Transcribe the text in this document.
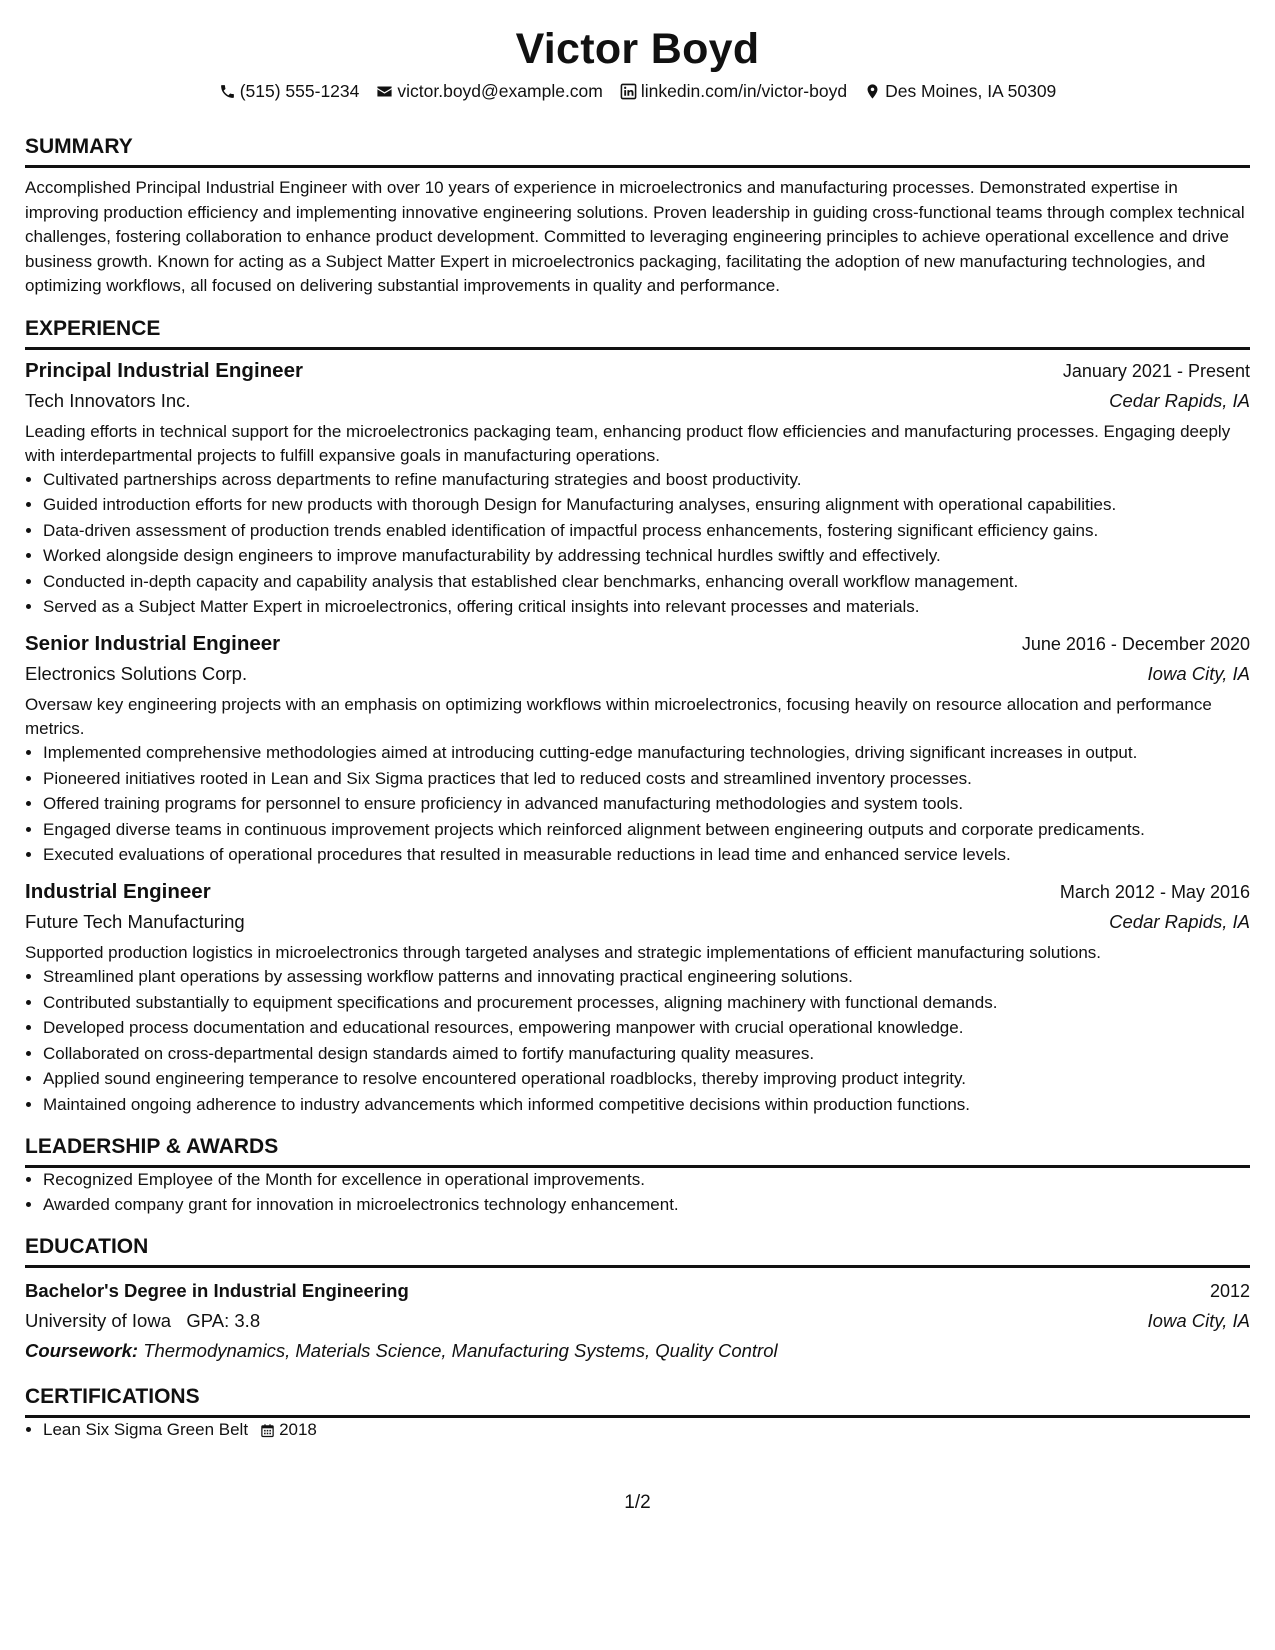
Victor Boyd
(515) 555-1234 victor.boyd@example.com linkedin.com/in/victor-boyd Des Moines, IA 50309
SUMMARY
Accomplished Principal Industrial Engineer with over 10 years of experience in microelectronics and manufacturing processes. Demonstrated expertise in improving production efficiency and implementing innovative engineering solutions. Proven leadership in guiding cross-functional teams through complex technical challenges, fostering collaboration to enhance product development. Committed to leveraging engineering principles to achieve operational excellence and drive business growth. Known for acting as a Subject Matter Expert in microelectronics packaging, facilitating the adoption of new manufacturing technologies, and optimizing workflows, all focused on delivering substantial improvements in quality and performance.
EXPERIENCE
Principal Industrial Engineer	January 2021 - Present
Tech Innovators Inc.	Cedar Rapids, IA
Leading efforts in technical support for the microelectronics packaging team, enhancing product flow efficiencies and manufacturing processes. Engaging deeply with interdepartmental projects to fulfill expansive goals in manufacturing operations.
• Cultivated partnerships across departments to refine manufacturing strategies and boost productivity.
• Guided introduction efforts for new products with thorough Design for Manufacturing analyses, ensuring alignment with operational capabilities.
• Data-driven assessment of production trends enabled identification of impactful process enhancements, fostering significant efficiency gains.
• Worked alongside design engineers to improve manufacturability by addressing technical hurdles swiftly and effectively.
• Conducted in-depth capacity and capability analysis that established clear benchmarks, enhancing overall workflow management.
• Served as a Subject Matter Expert in microelectronics, offering critical insights into relevant processes and materials.
Senior Industrial Engineer	June 2016 - December 2020
Electronics Solutions Corp.	Iowa City, IA
Oversaw key engineering projects with an emphasis on optimizing workflows within microelectronics, focusing heavily on resource allocation and performance metrics.
• Implemented comprehensive methodologies aimed at introducing cutting-edge manufacturing technologies, driving significant increases in output.
• Pioneered initiatives rooted in Lean and Six Sigma practices that led to reduced costs and streamlined inventory processes.
• Offered training programs for personnel to ensure proficiency in advanced manufacturing methodologies and system tools.
• Engaged diverse teams in continuous improvement projects which reinforced alignment between engineering outputs and corporate predicaments.
• Executed evaluations of operational procedures that resulted in measurable reductions in lead time and enhanced service levels.
Industrial Engineer	March 2012 - May 2016
Future Tech Manufacturing	Cedar Rapids, IA
Supported production logistics in microelectronics through targeted analyses and strategic implementations of efficient manufacturing solutions.
• Streamlined plant operations by assessing workflow patterns and innovating practical engineering solutions.
• Contributed substantially to equipment specifications and procurement processes, aligning machinery with functional demands.
• Developed process documentation and educational resources, empowering manpower with crucial operational knowledge.
• Collaborated on cross-departmental design standards aimed to fortify manufacturing quality measures.
• Applied sound engineering temperance to resolve encountered operational roadblocks, thereby improving product integrity.
• Maintained ongoing adherence to industry advancements which informed competitive decisions within production functions.
LEADERSHIP & AWARDS
• Recognized Employee of the Month for excellence in operational improvements.
• Awarded company grant for innovation in microelectronics technology enhancement.
EDUCATION
Bachelor's Degree in Industrial Engineering	2012
University of Iowa GPA: 3.8	Iowa City, IA
Coursework: Thermodynamics, Materials Science, Manufacturing Systems, Quality Control
CERTIFICATIONS
• Lean Six Sigma Green Belt 2018
1/2
